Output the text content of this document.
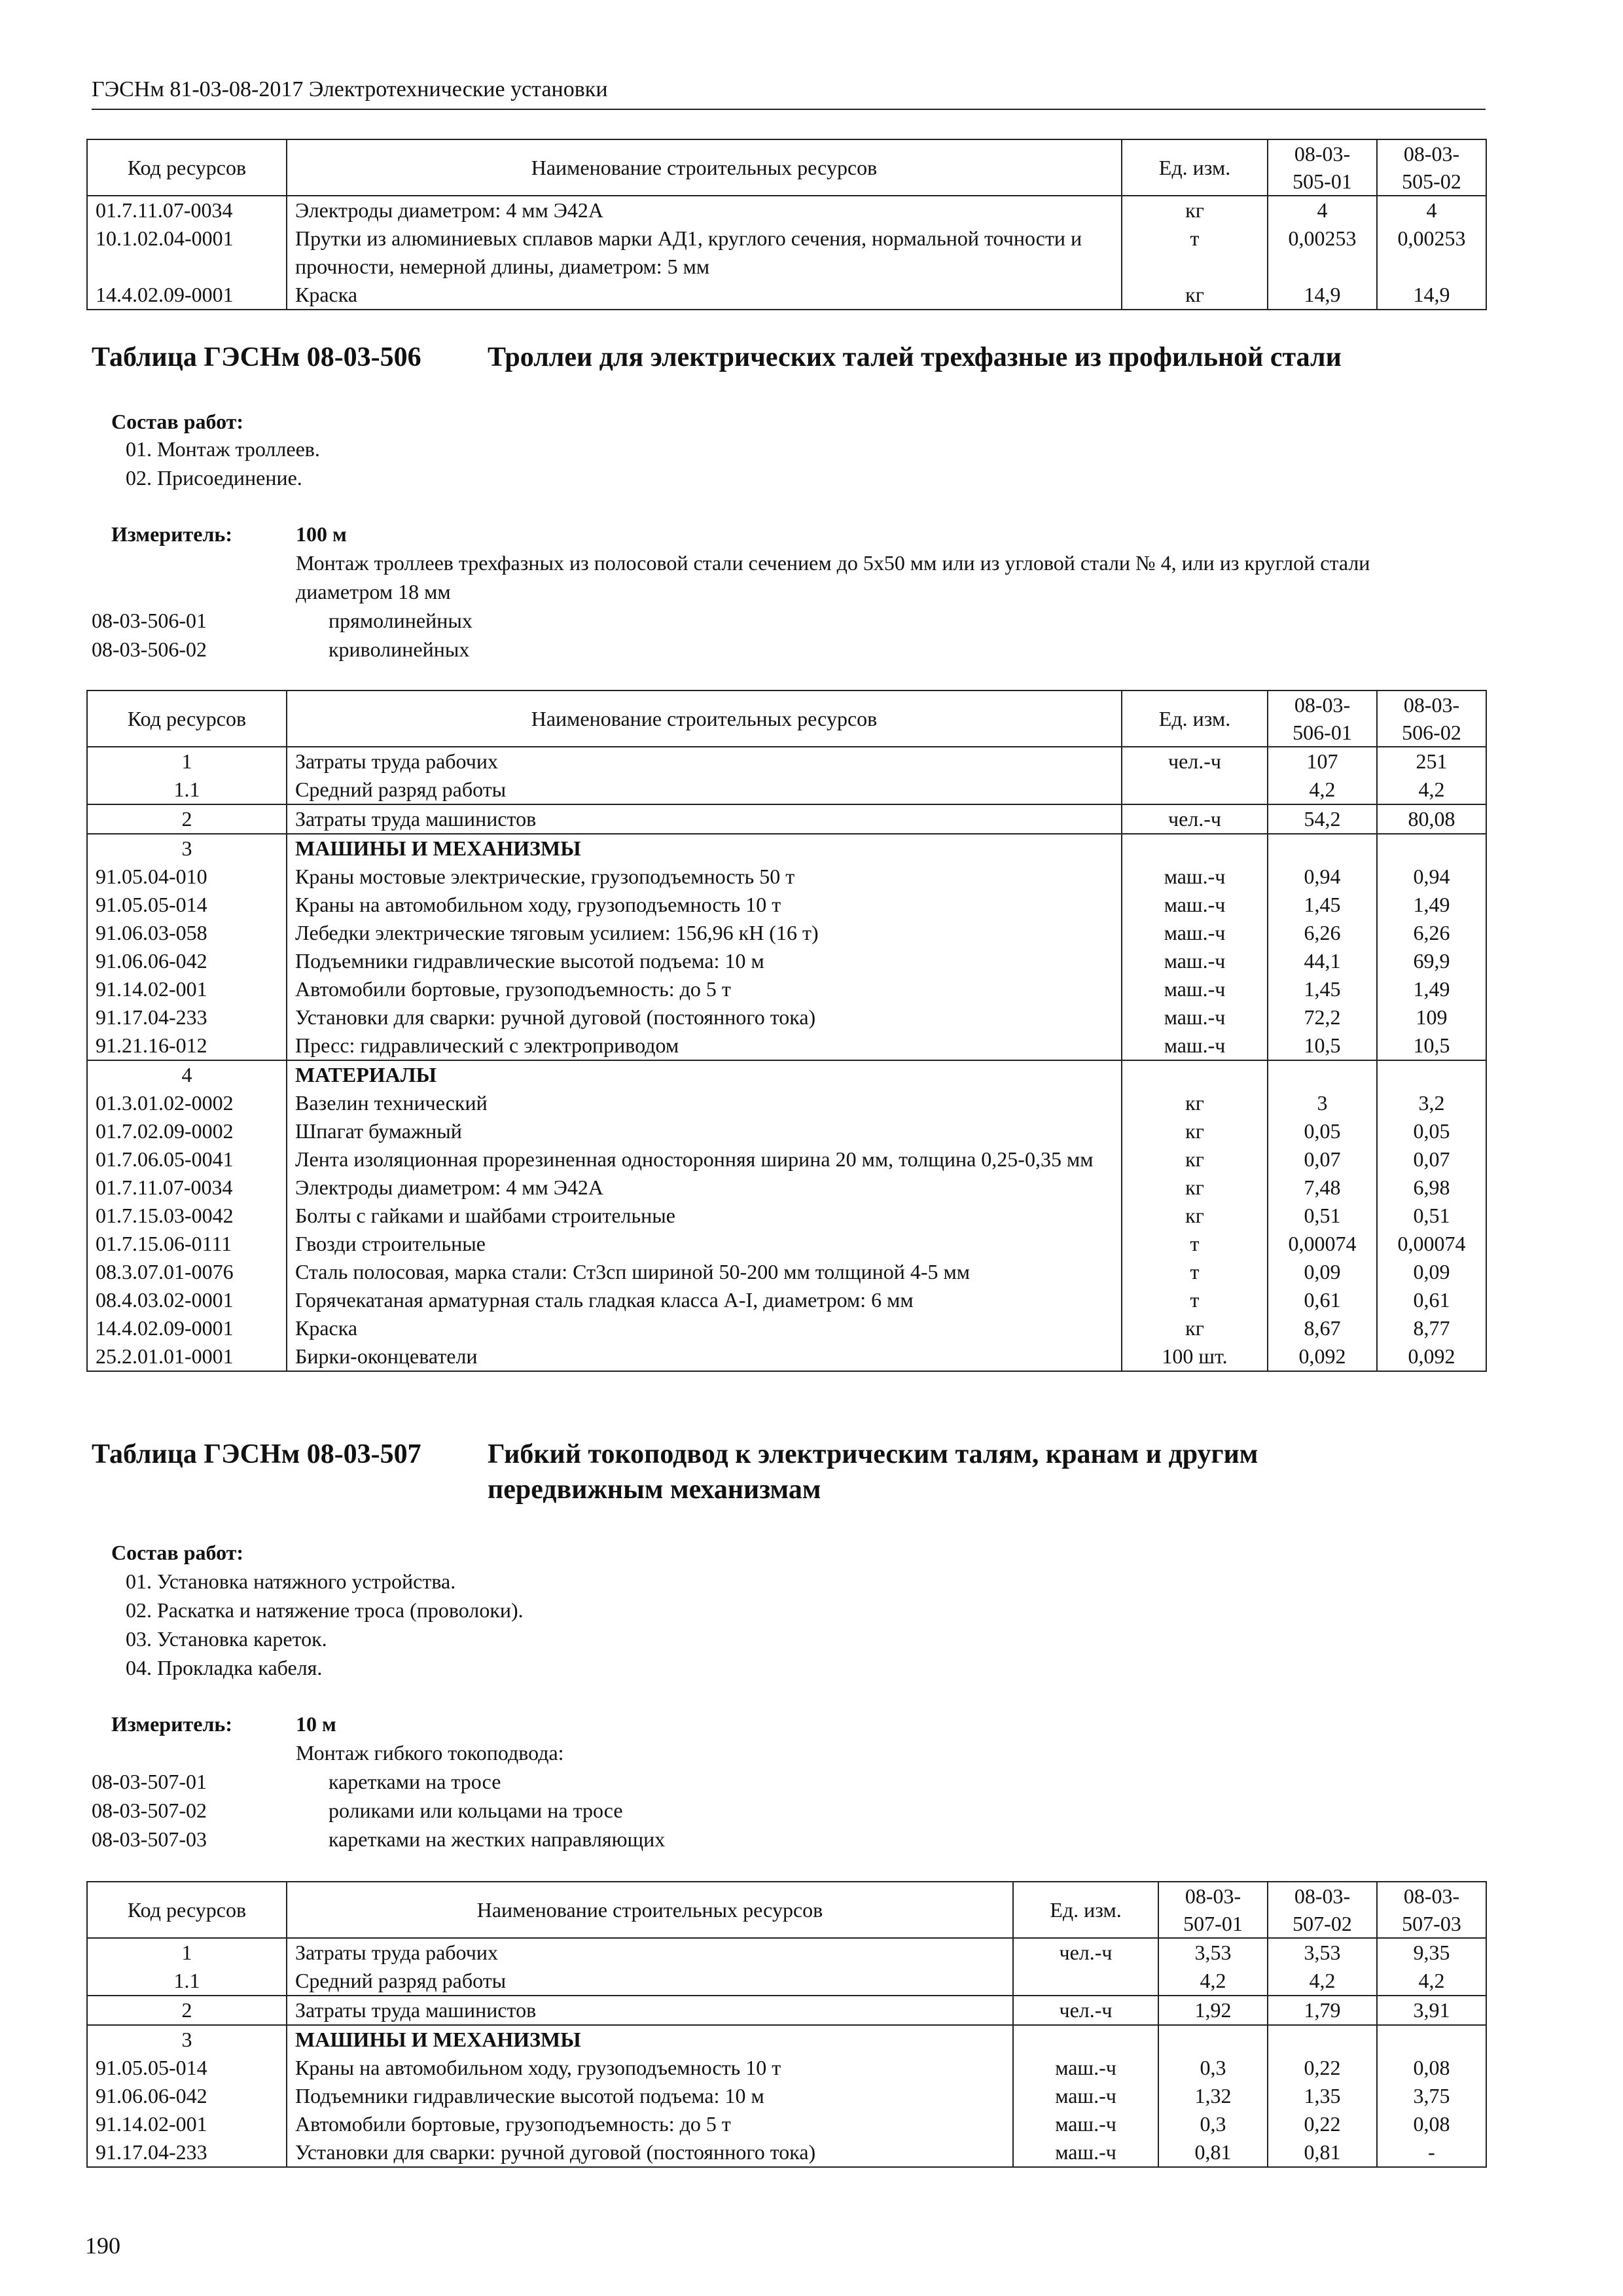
ГЭСНм 81-03-08-2017 Электротехнические установки
Код ресурсов	Наименование строительных ресурсов	Ед. изм.	08-03-505-01	08-03-505-02
01.7.11.07-0034	Электроды диаметром: 4 мм Э42А	кг	4	4
10.1.02.04-0001	Прутки из алюминиевых сплавов марки АД1, круглого сечения, нормальной точности и прочности, немерной длины, диаметром: 5 мм	т	0,00253	0,00253
14.4.02.09-0001	Краска	кг	14,9	14,9
Таблица ГЭСНм 08-03-506 Троллеи для электрических талей трехфазные из профильной стали
Состав работ:
01. Монтаж троллеев.
02. Присоединение.
Измеритель:	100 м
Монтаж троллеев трехфазных из полосовой стали сечением до 5х50 мм или из угловой стали № 4, или из круглой стали диаметром 18 мм
08-03-506-01	прямолинейных
08-03-506-02	криволинейных
Код ресурсов	Наименование строительных ресурсов	Ед. изм.	08-03-506-01	08-03-506-02
1	Затраты труда рабочих	чел.-ч	107	251
1.1	Средний разряд работы		4,2	4,2
2	Затраты труда машинистов	чел.-ч	54,2	80,08
3	МАШИНЫ И МЕХАНИЗМЫ			
91.05.04-010	Краны мостовые электрические, грузоподъемность 50 т	маш.-ч	0,94	0,94
91.05.05-014	Краны на автомобильном ходу, грузоподъемность 10 т	маш.-ч	1,45	1,49
91.06.03-058	Лебедки электрические тяговым усилием: 156,96 кН (16 т)	маш.-ч	6,26	6,26
91.06.06-042	Подъемники гидравлические высотой подъема: 10 м	маш.-ч	44,1	69,9
91.14.02-001	Автомобили бортовые, грузоподъемность: до 5 т	маш.-ч	1,45	1,49
91.17.04-233	Установки для сварки: ручной дуговой (постоянного тока)	маш.-ч	72,2	109
91.21.16-012	Пресс: гидравлический с электроприводом	маш.-ч	10,5	10,5
4	МАТЕРИАЛЫ			
01.3.01.02-0002	Вазелин технический	кг	3	3,2
01.7.02.09-0002	Шпагат бумажный	кг	0,05	0,05
01.7.06.05-0041	Лента изоляционная прорезиненная односторонняя ширина 20 мм, толщина 0,25-0,35 мм	кг	0,07	0,07
01.7.11.07-0034	Электроды диаметром: 4 мм Э42А	кг	7,48	6,98
01.7.15.03-0042	Болты с гайками и шайбами строительные	кг	0,51	0,51
01.7.15.06-0111	Гвозди строительные	т	0,00074	0,00074
08.3.07.01-0076	Сталь полосовая, марка стали: Ст3сп шириной 50-200 мм толщиной 4-5 мм	т	0,09	0,09
08.4.03.02-0001	Горячекатаная арматурная сталь гладкая класса А-I, диаметром: 6 мм	т	0,61	0,61
14.4.02.09-0001	Краска	кг	8,67	8,77
25.2.01.01-0001	Бирки-оконцеватели	100 шт.	0,092	0,092
Таблица ГЭСНм 08-03-507 Гибкий токоподвод к электрическим талям, кранам и другим
передвижным механизмам
Состав работ:
01. Установка натяжного устройства.
02. Раскатка и натяжение троса (проволоки).
03. Установка кареток.
04. Прокладка кабеля.
Измеритель:	10 м
Монтаж гибкого токоподвода:
08-03-507-01	каретками на тросе
08-03-507-02	роликами или кольцами на тросе
08-03-507-03	каретками на жестких направляющих
Код ресурсов	Наименование строительных ресурсов	Ед. изм.	08-03-507-01	08-03-507-02	08-03-507-03
1	Затраты труда рабочих	чел.-ч	3,53	3,53	9,35
1.1	Средний разряд работы		4,2	4,2	4,2
2	Затраты труда машинистов	чел.-ч	1,92	1,79	3,91
3	МАШИНЫ И МЕХАНИЗМЫ				
91.05.05-014	Краны на автомобильном ходу, грузоподъемность 10 т	маш.-ч	0,3	0,22	0,08
91.06.06-042	Подъемники гидравлические высотой подъема: 10 м	маш.-ч	1,32	1,35	3,75
91.14.02-001	Автомобили бортовые, грузоподъемность: до 5 т	маш.-ч	0,3	0,22	0,08
91.17.04-233	Установки для сварки: ручной дуговой (постоянного тока)	маш.-ч	0,81	0,81	-
190
